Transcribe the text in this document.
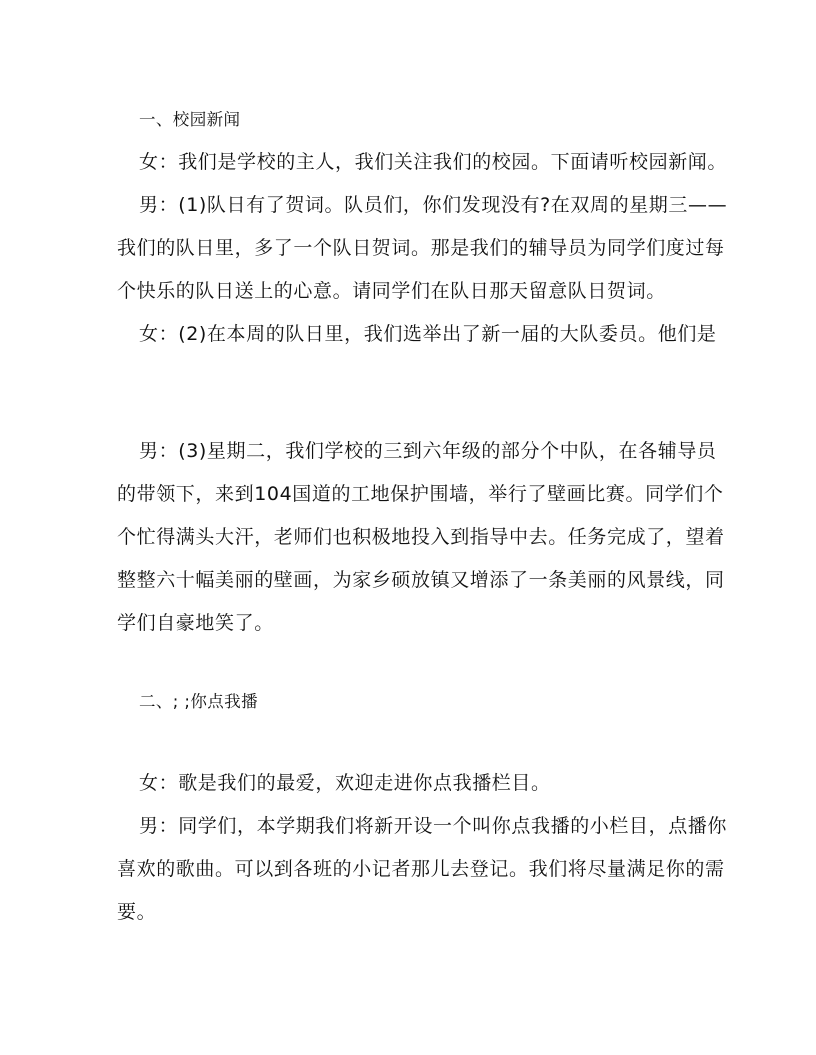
一、校园新闻
女：我们是学校的主人，我们关注我们的校园。下面请听校园新闻。
男：(1)队日有了贺词。队员们，你们发现没有?在双周的星期三——
我们的队日里，多了一个队日贺词。那是我们的辅导员为同学们度过每
个快乐的队日送上的心意。请同学们在队日那天留意队日贺词。
女：(2)在本周的队日里，我们选举出了新一届的大队委员。他们是
男：(3)星期二，我们学校的三到六年级的部分个中队，在各辅导员
的带领下，来到104国道的工地保护围墙，举行了壁画比赛。同学们个
个忙得满头大汗，老师们也积极地投入到指导中去。任务完成了，望着
整整六十幅美丽的壁画，为家乡硕放镇又增添了一条美丽的风景线，同
学们自豪地笑了。
二、; ;你点我播
女：歌是我们的最爱，欢迎走进你点我播栏目。
男：同学们，本学期我们将新开设一个叫你点我播的小栏目，点播你
喜欢的歌曲。可以到各班的小记者那儿去登记。我们将尽量满足你的需
要。
